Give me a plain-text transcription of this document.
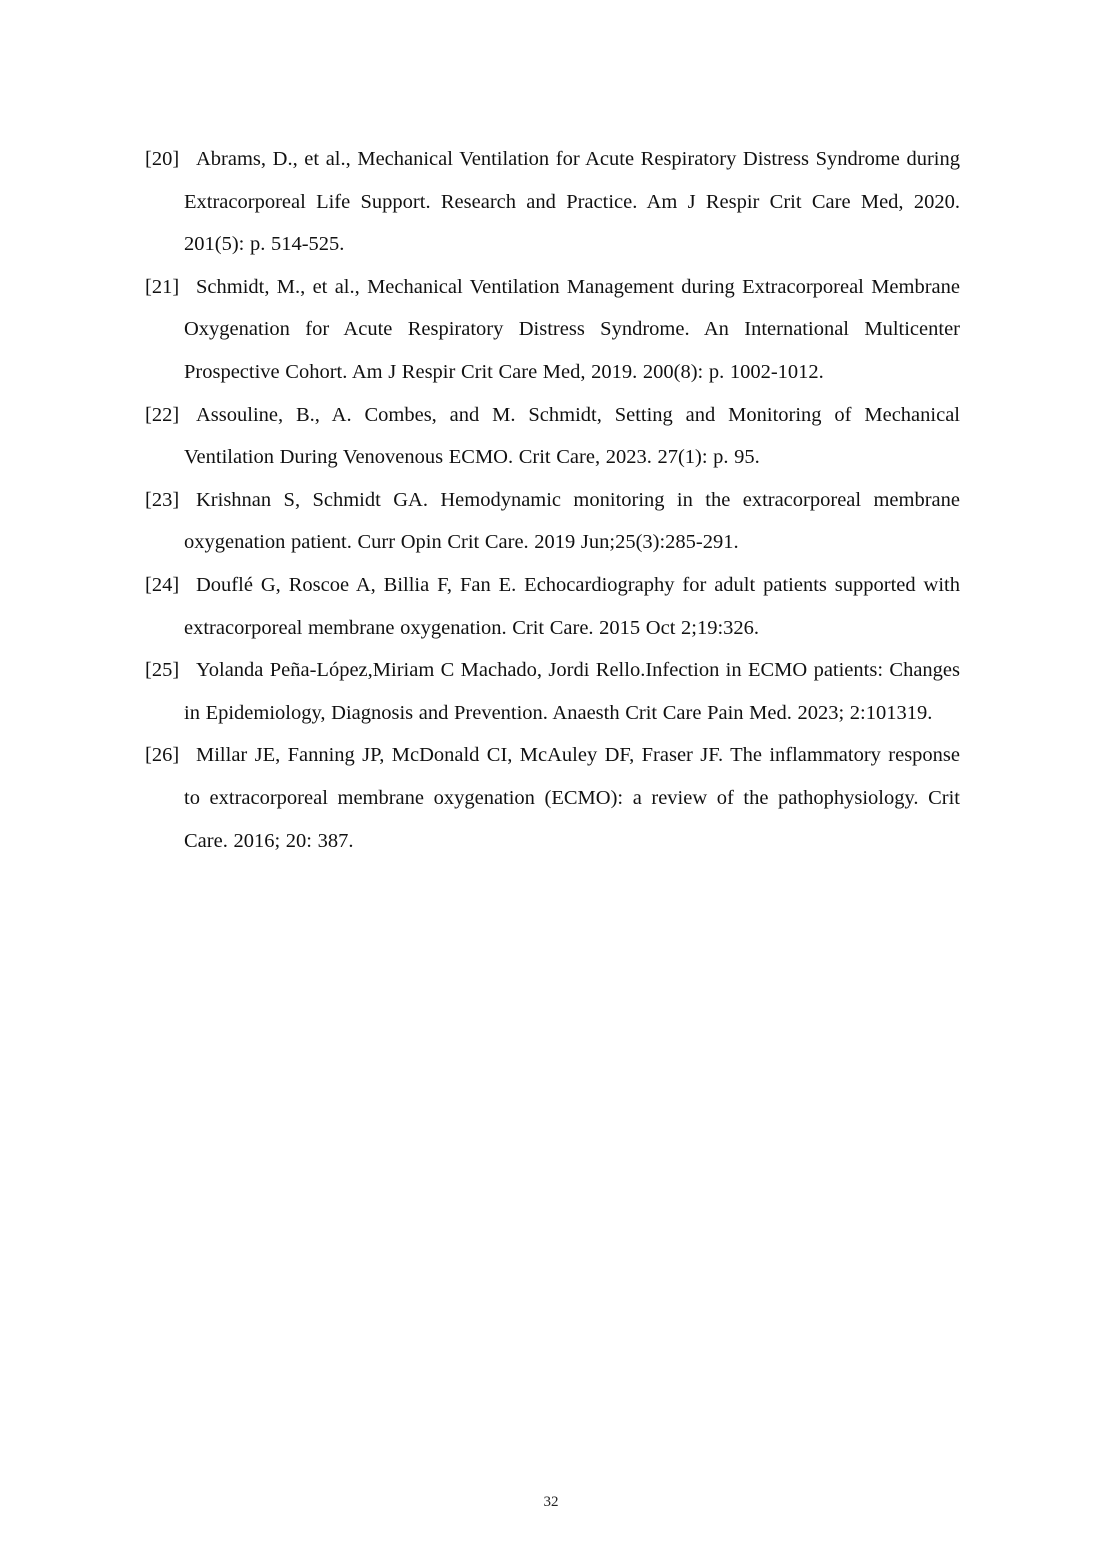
[20] Abrams, D., et al., Mechanical Ventilation for Acute Respiratory Distress Syndrome during Extracorporeal Life Support. Research and Practice. Am J Respir Crit Care Med, 2020. 201(5): p. 514-525.
[21] Schmidt, M., et al., Mechanical Ventilation Management during Extracorporeal Membrane Oxygenation for Acute Respiratory Distress Syndrome. An International Multicenter Prospective Cohort. Am J Respir Crit Care Med, 2019. 200(8): p. 1002-1012.
[22] Assouline, B., A. Combes, and M. Schmidt, Setting and Monitoring of Mechanical Ventilation During Venovenous ECMO. Crit Care, 2023. 27(1): p. 95.
[23] Krishnan S, Schmidt GA. Hemodynamic monitoring in the extracorporeal membrane oxygenation patient. Curr Opin Crit Care. 2019 Jun;25(3):285-291.
[24] Douflé G, Roscoe A, Billia F, Fan E. Echocardiography for adult patients supported with extracorporeal membrane oxygenation. Crit Care. 2015 Oct 2;19:326.
[25] Yolanda Peña-López,Miriam C Machado, Jordi Rello.Infection in ECMO patients: Changes in Epidemiology, Diagnosis and Prevention. Anaesth Crit Care Pain Med. 2023; 2:101319.
[26] Millar JE, Fanning JP, McDonald CI, McAuley DF, Fraser JF. The inflammatory response to extracorporeal membrane oxygenation (ECMO): a review of the pathophysiology. Crit Care. 2016; 20: 387.
32
